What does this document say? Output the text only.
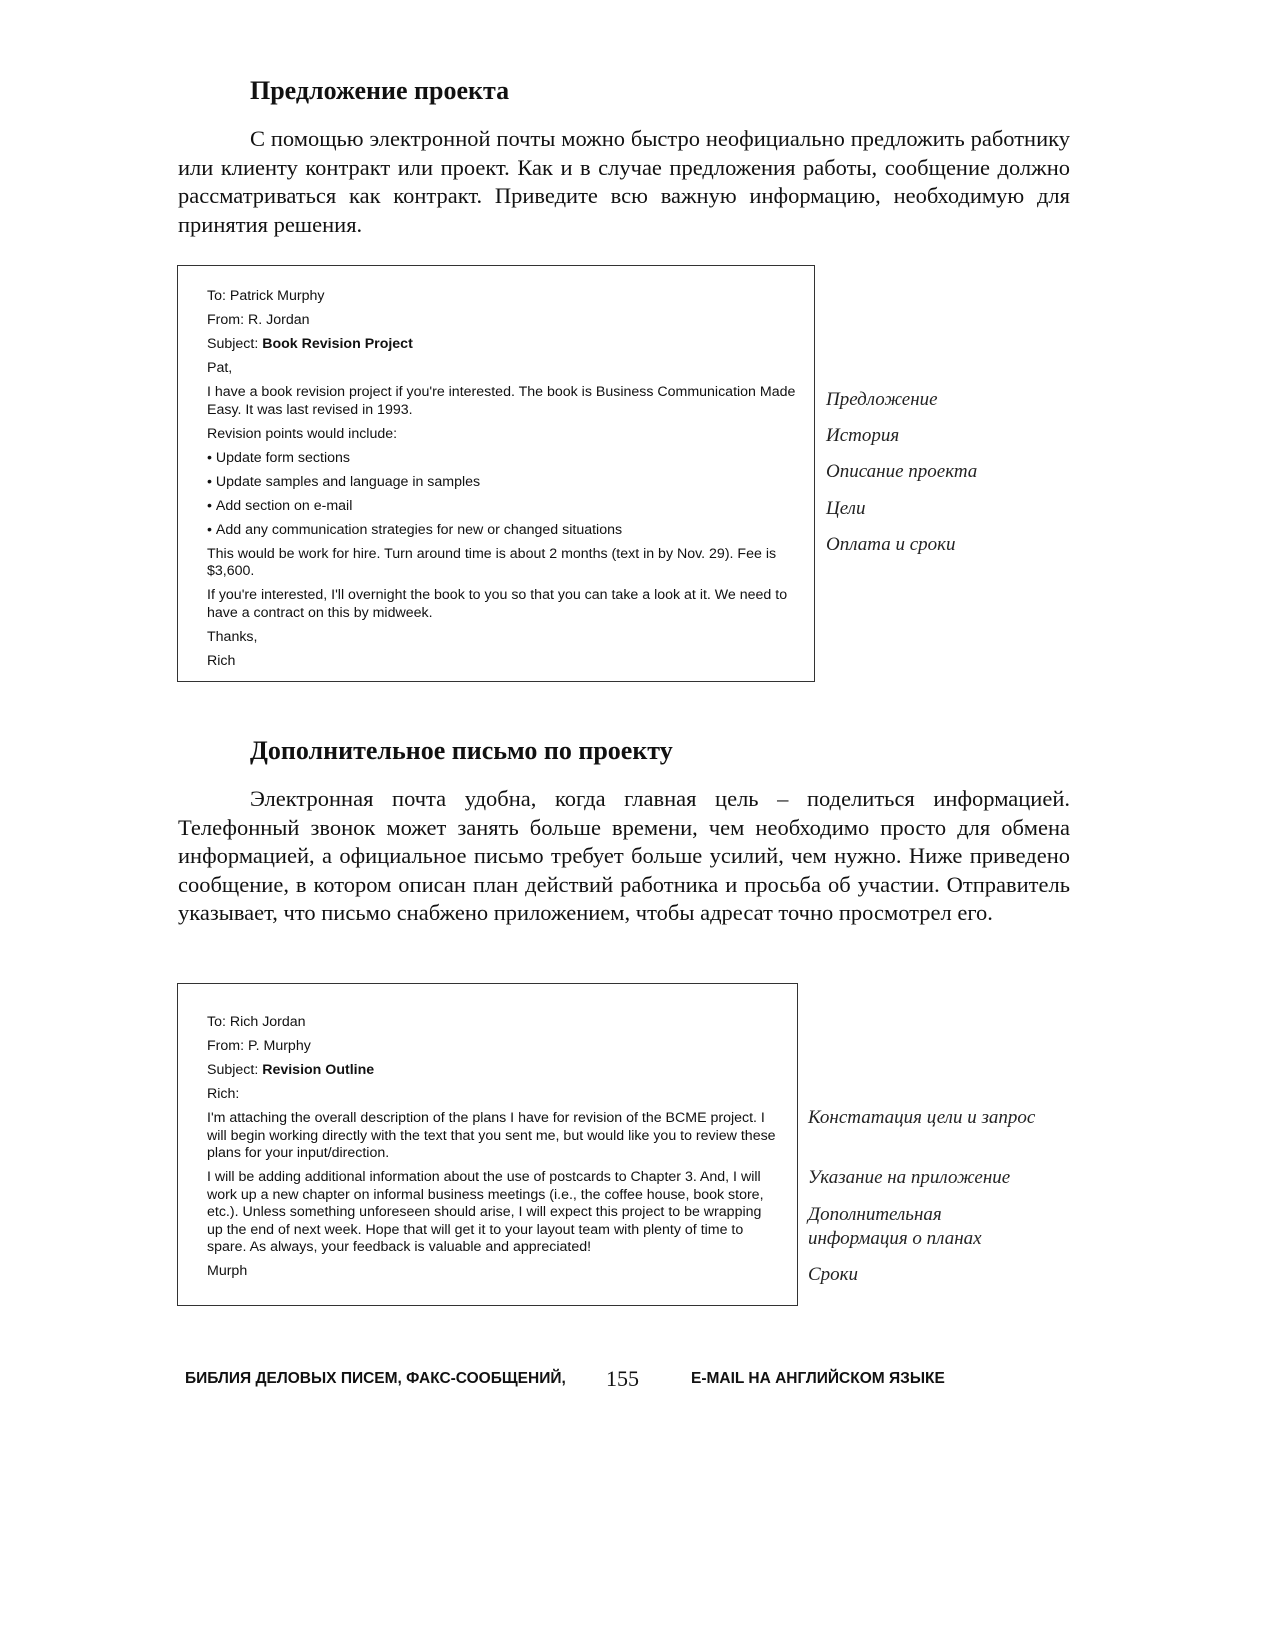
Предложение проекта

С помощью электронной почты можно быстро неофициально предложить работнику или клиенту контракт или проект. Как и в случае предложения работы, сообщение должно рассматриваться как контракт. Приведите всю важную информацию, необходимую для принятия решения.

To: Patrick Murphy

From: R. Jordan

Subject: Book Revision Project

Pat,

I have a book revision project if you're interested. The book is Business Communication Made Easy. It was last revised in 1993.

Revision points would include:

• Update form sections

• Update samples and language in samples

• Add section on e-mail

• Add any communication strategies for new or changed situations

This would be work for hire. Turn around time is about 2 months (text in by Nov. 29). Fee is $3,600.

If you're interested, I'll overnight the book to you so that you can take a look at it. We need to have a contract on this by midweek.

Thanks,

Rich

Предложение

История

Описание проекта

Цели

Оплата и сроки

Дополнительное письмо по проекту

Электронная почта удобна, когда главная цель – поделиться информацией. Телефонный звонок может занять больше времени, чем необходимо просто для обмена информацией, а официальное письмо требует больше усилий, чем нужно. Ниже приведено сообщение, в котором описан план действий работника и просьба об участии. Отправитель указывает, что письмо снабжено приложением, чтобы адресат точно просмотрел его.

To: Rich Jordan

From: P. Murphy

Subject: Revision Outline

Rich:

I'm attaching the overall description of the plans I have for revision of the BCME project. I will begin working directly with the text that you sent me, but would like you to review these plans for your input/direction.

I will be adding additional information about the use of postcards to Chapter 3. And, I will work up a new chapter on informal business meetings (i.e., the coffee house, book store, etc.). Unless something unforeseen should arise, I will expect this project to be wrapping up the end of next week. Hope that will get it to your layout team with plenty of time to spare. As always, your feedback is valuable and appreciated!

Murph

Констатация цели и запрос

Указание на приложение

Дополнительная информация о планах

Сроки

БИБЛИЯ ДЕЛОВЫХ ПИСЕМ, ФАКС-СООБЩЕНИЙ, 155	E-MAIL НА АНГЛИЙСКОМ ЯЗЫКЕ
